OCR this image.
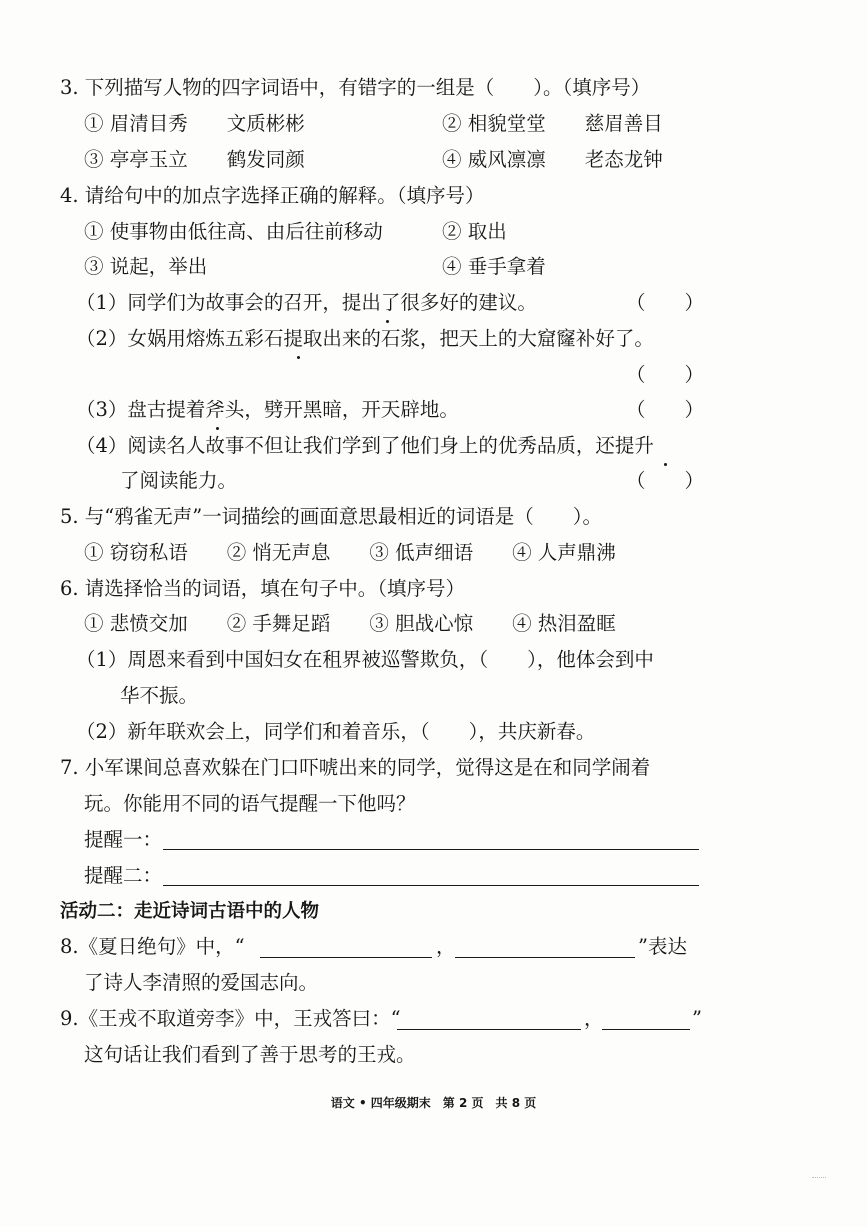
3. 下列描写人物的四字词语中，有错字的一组是（　　）。（填序号）
① 眉清目秀　　文质彬彬	② 相貌堂堂　　慈眉善目
③ 亭亭玉立　　鹤发同颜	④ 威风凛凛　　老态龙钟
4. 请给句中的加点字选择正确的解释。（填序号）
① 使事物由低往高、由后往前移动	② 取出
③ 说起，举出	④ 垂手拿着
（1）同学们为故事会的召开，提出了很多好的建议。	（　　）
（2）女娲用熔炼五彩石提取出来的石浆，把天上的大窟窿补好了。
（　　）
（3）盘古提着斧头，劈开黑暗，开天辟地。	（　　）
（4）阅读名人故事不但让我们学到了他们身上的优秀品质，还提升
了阅读能力。	（　　）
5. 与“鸦雀无声”一词描绘的画面意思最相近的词语是（　　）。
① 窃窃私语　　② 悄无声息　　③ 低声细语　　④ 人声鼎沸
6. 请选择恰当的词语，填在句子中。（填序号）
① 悲愤交加　　② 手舞足蹈　　③ 胆战心惊　　④ 热泪盈眶
（1）周恩来看到中国妇女在租界被巡警欺负，（　　），他体会到中
华不振。
（2）新年联欢会上，同学们和着音乐，（　　），共庆新春。
7. 小军课间总喜欢躲在门口吓唬出来的同学，觉得这是在和同学闹着
玩。你能用不同的语气提醒一下他吗？
提醒一：
提醒二：
活动二：走近诗词古语中的人物
8.《夏日绝句》中，“	，	”表达
了诗人李清照的爱国志向。
9.《王戎不取道旁李》中，王戎答曰：“	，	”
这句话让我们看到了善于思考的王戎。
语文 • 四年级期末　第 2 页　共 8 页
